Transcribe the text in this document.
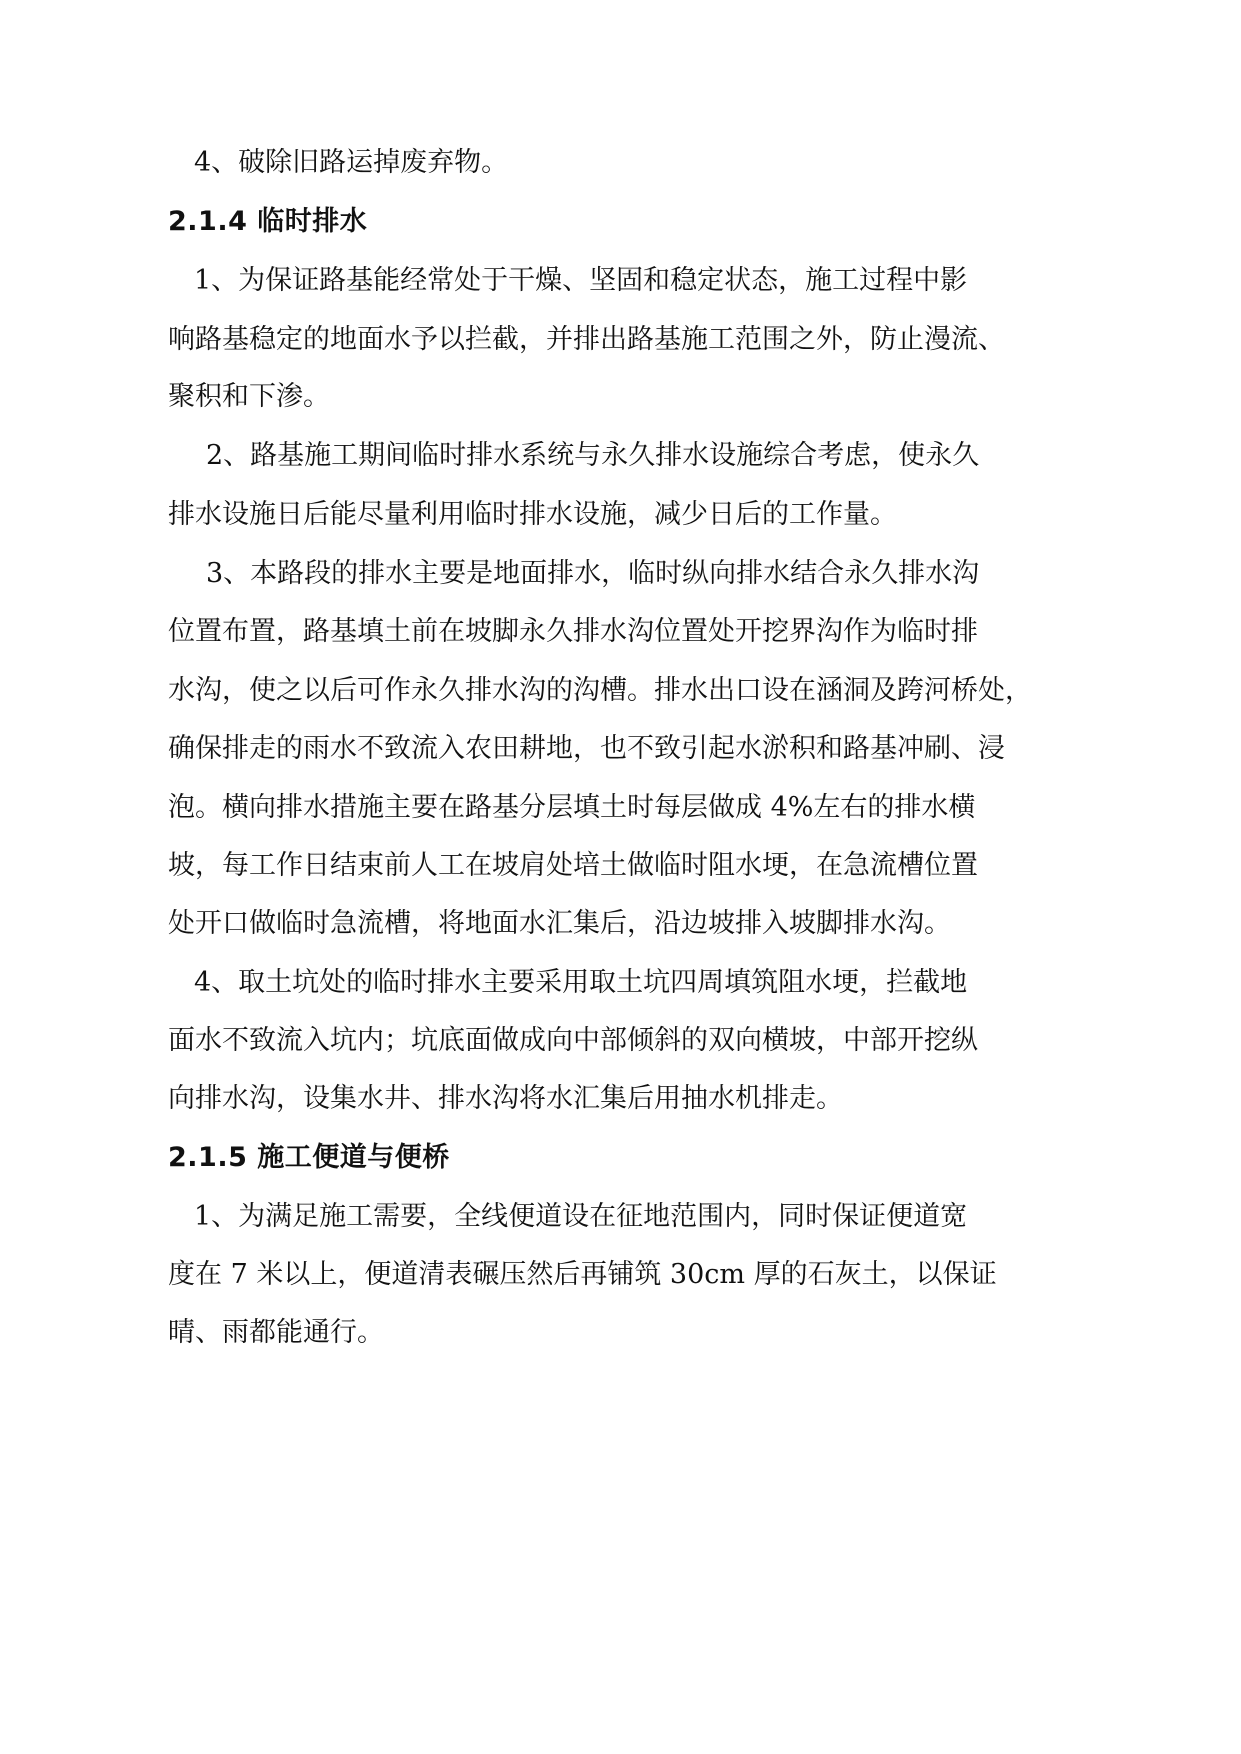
4、破除旧路运掉废弃物。
2.1.4 临时排水
1、为保证路基能经常处于干燥、坚固和稳定状态，施工过程中影
响路基稳定的地面水予以拦截，并排出路基施工范围之外，防止漫流、
聚积和下渗。
2、路基施工期间临时排水系统与永久排水设施综合考虑，使永久
排水设施日后能尽量利用临时排水设施，减少日后的工作量。
3、本路段的排水主要是地面排水，临时纵向排水结合永久排水沟
位置布置，路基填土前在坡脚永久排水沟位置处开挖界沟作为临时排
水沟，使之以后可作永久排水沟的沟槽。排水出口设在涵洞及跨河桥处，
确保排走的雨水不致流入农田耕地，也不致引起水淤积和路基冲刷、浸
泡。横向排水措施主要在路基分层填土时每层做成 4%左右的排水横
坡，每工作日结束前人工在坡肩处培土做临时阻水埂，在急流槽位置
处开口做临时急流槽，将地面水汇集后，沿边坡排入坡脚排水沟。
4、取土坑处的临时排水主要采用取土坑四周填筑阻水埂，拦截地
面水不致流入坑内；坑底面做成向中部倾斜的双向横坡，中部开挖纵
向排水沟，设集水井、排水沟将水汇集后用抽水机排走。
2.1.5 施工便道与便桥
1、为满足施工需要，全线便道设在征地范围内，同时保证便道宽
度在 7 米以上，便道清表碾压然后再铺筑 30cm 厚的石灰土，以保证
晴、雨都能通行。
